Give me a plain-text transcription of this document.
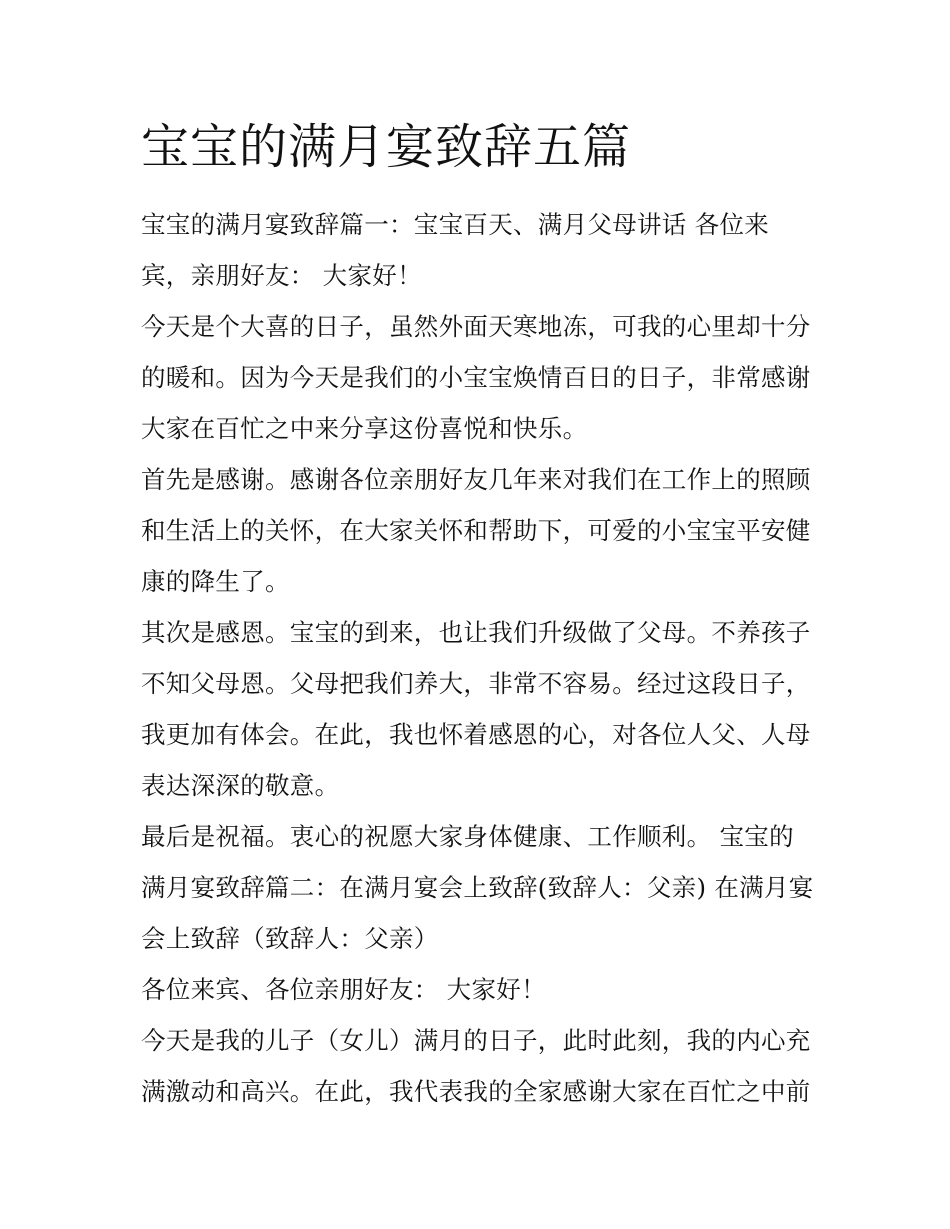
宝宝的满月宴致辞五篇
宝宝的满月宴致辞篇一：宝宝百天、满月父母讲话 各位来
宾，亲朋好友： 大家好！
今天是个大喜的日子，虽然外面天寒地冻，可我的心里却十分
的暖和。因为今天是我们的小宝宝焕情百日的日子，非常感谢
大家在百忙之中来分享这份喜悦和快乐。
首先是感谢。感谢各位亲朋好友几年来对我们在工作上的照顾
和生活上的关怀，在大家关怀和帮助下，可爱的小宝宝平安健
康的降生了。
其次是感恩。宝宝的到来，也让我们升级做了父母。不养孩子
不知父母恩。父母把我们养大，非常不容易。经过这段日子，
我更加有体会。在此，我也怀着感恩的心，对各位人父、人母
表达深深的敬意。
最后是祝福。衷心的祝愿大家身体健康、工作顺利。 宝宝的
满月宴致辞篇二：在满月宴会上致辞(致辞人：父亲) 在满月宴
会上致辞（致辞人：父亲）
各位来宾、各位亲朋好友： 大家好！
今天是我的儿子（女儿）满月的日子，此时此刻，我的内心充
满激动和高兴。在此，我代表我的全家感谢大家在百忙之中前
